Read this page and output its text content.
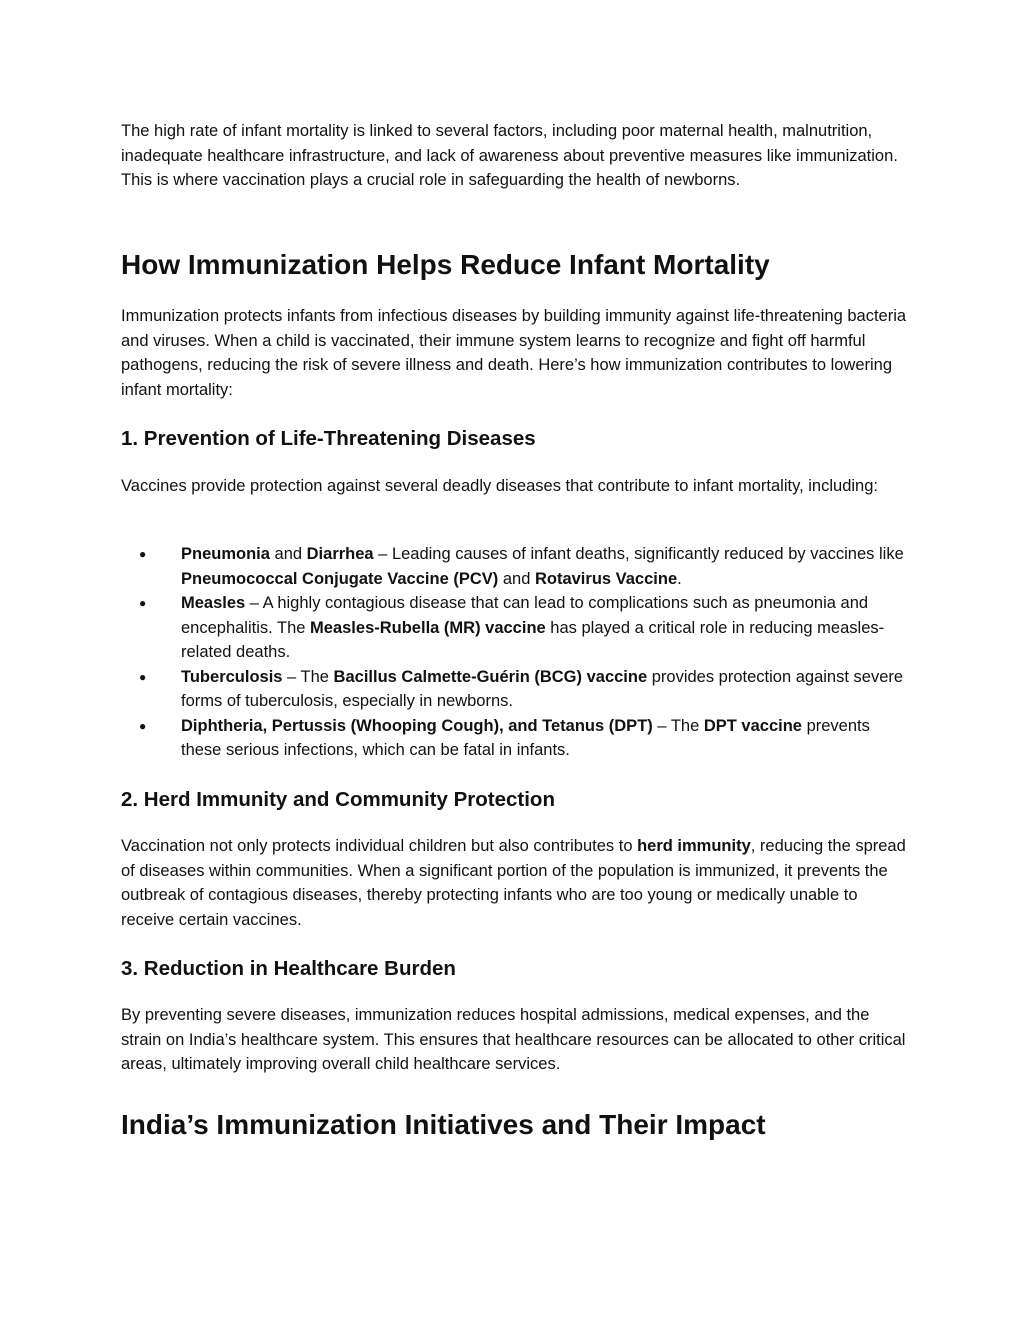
The high rate of infant mortality is linked to several factors, including poor maternal health, malnutrition, inadequate healthcare infrastructure, and lack of awareness about preventive measures like immunization. This is where vaccination plays a crucial role in safeguarding the health of newborns.

How Immunization Helps Reduce Infant Mortality

Immunization protects infants from infectious diseases by building immunity against life-threatening bacteria and viruses. When a child is vaccinated, their immune system learns to recognize and fight off harmful pathogens, reducing the risk of severe illness and death. Here’s how immunization contributes to lowering infant mortality:

1. Prevention of Life-Threatening Diseases

Vaccines provide protection against several deadly diseases that contribute to infant mortality, including:

● Pneumonia and Diarrhea – Leading causes of infant deaths, significantly reduced by vaccines like Pneumococcal Conjugate Vaccine (PCV) and Rotavirus Vaccine.
● Measles – A highly contagious disease that can lead to complications such as pneumonia and encephalitis. The Measles-Rubella (MR) vaccine has played a critical role in reducing measles-related deaths.
● Tuberculosis – The Bacillus Calmette-Guérin (BCG) vaccine provides protection against severe forms of tuberculosis, especially in newborns.
● Diphtheria, Pertussis (Whooping Cough), and Tetanus (DPT) – The DPT vaccine prevents these serious infections, which can be fatal in infants.
2. Herd Immunity and Community Protection

Vaccination not only protects individual children but also contributes to herd immunity, reducing the spread of diseases within communities. When a significant portion of the population is immunized, it prevents the outbreak of contagious diseases, thereby protecting infants who are too young or medically unable to receive certain vaccines.

3. Reduction in Healthcare Burden

By preventing severe diseases, immunization reduces hospital admissions, medical expenses, and the strain on India’s healthcare system. This ensures that healthcare resources can be allocated to other critical areas, ultimately improving overall child healthcare services.

India’s Immunization Initiatives and Their Impact
